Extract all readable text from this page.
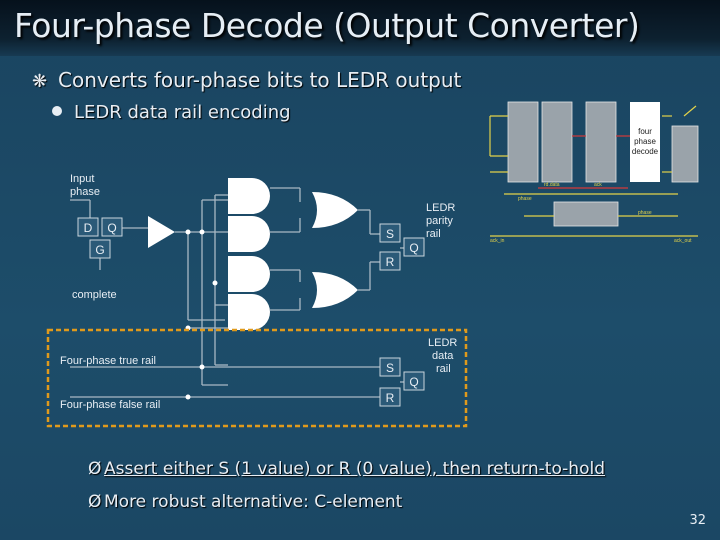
Four-phase Decode (Output Converter)
❋ Converts four-phase bits to LEDR output
LEDR data rail encoding
D Q
G
Input
phase
complete
S
R
Q
LEDR
parity
rail
Four-phase true rail
Four-phase false rail
S
R
Q
LEDR
data
rail
four
phase
decode
rd.data	ack
phase
phase
ack_in	ack_out
Ø Assert either S (1 value) or R (0 value), then return-to-hold
Ø More robust alternative: C-element
32
